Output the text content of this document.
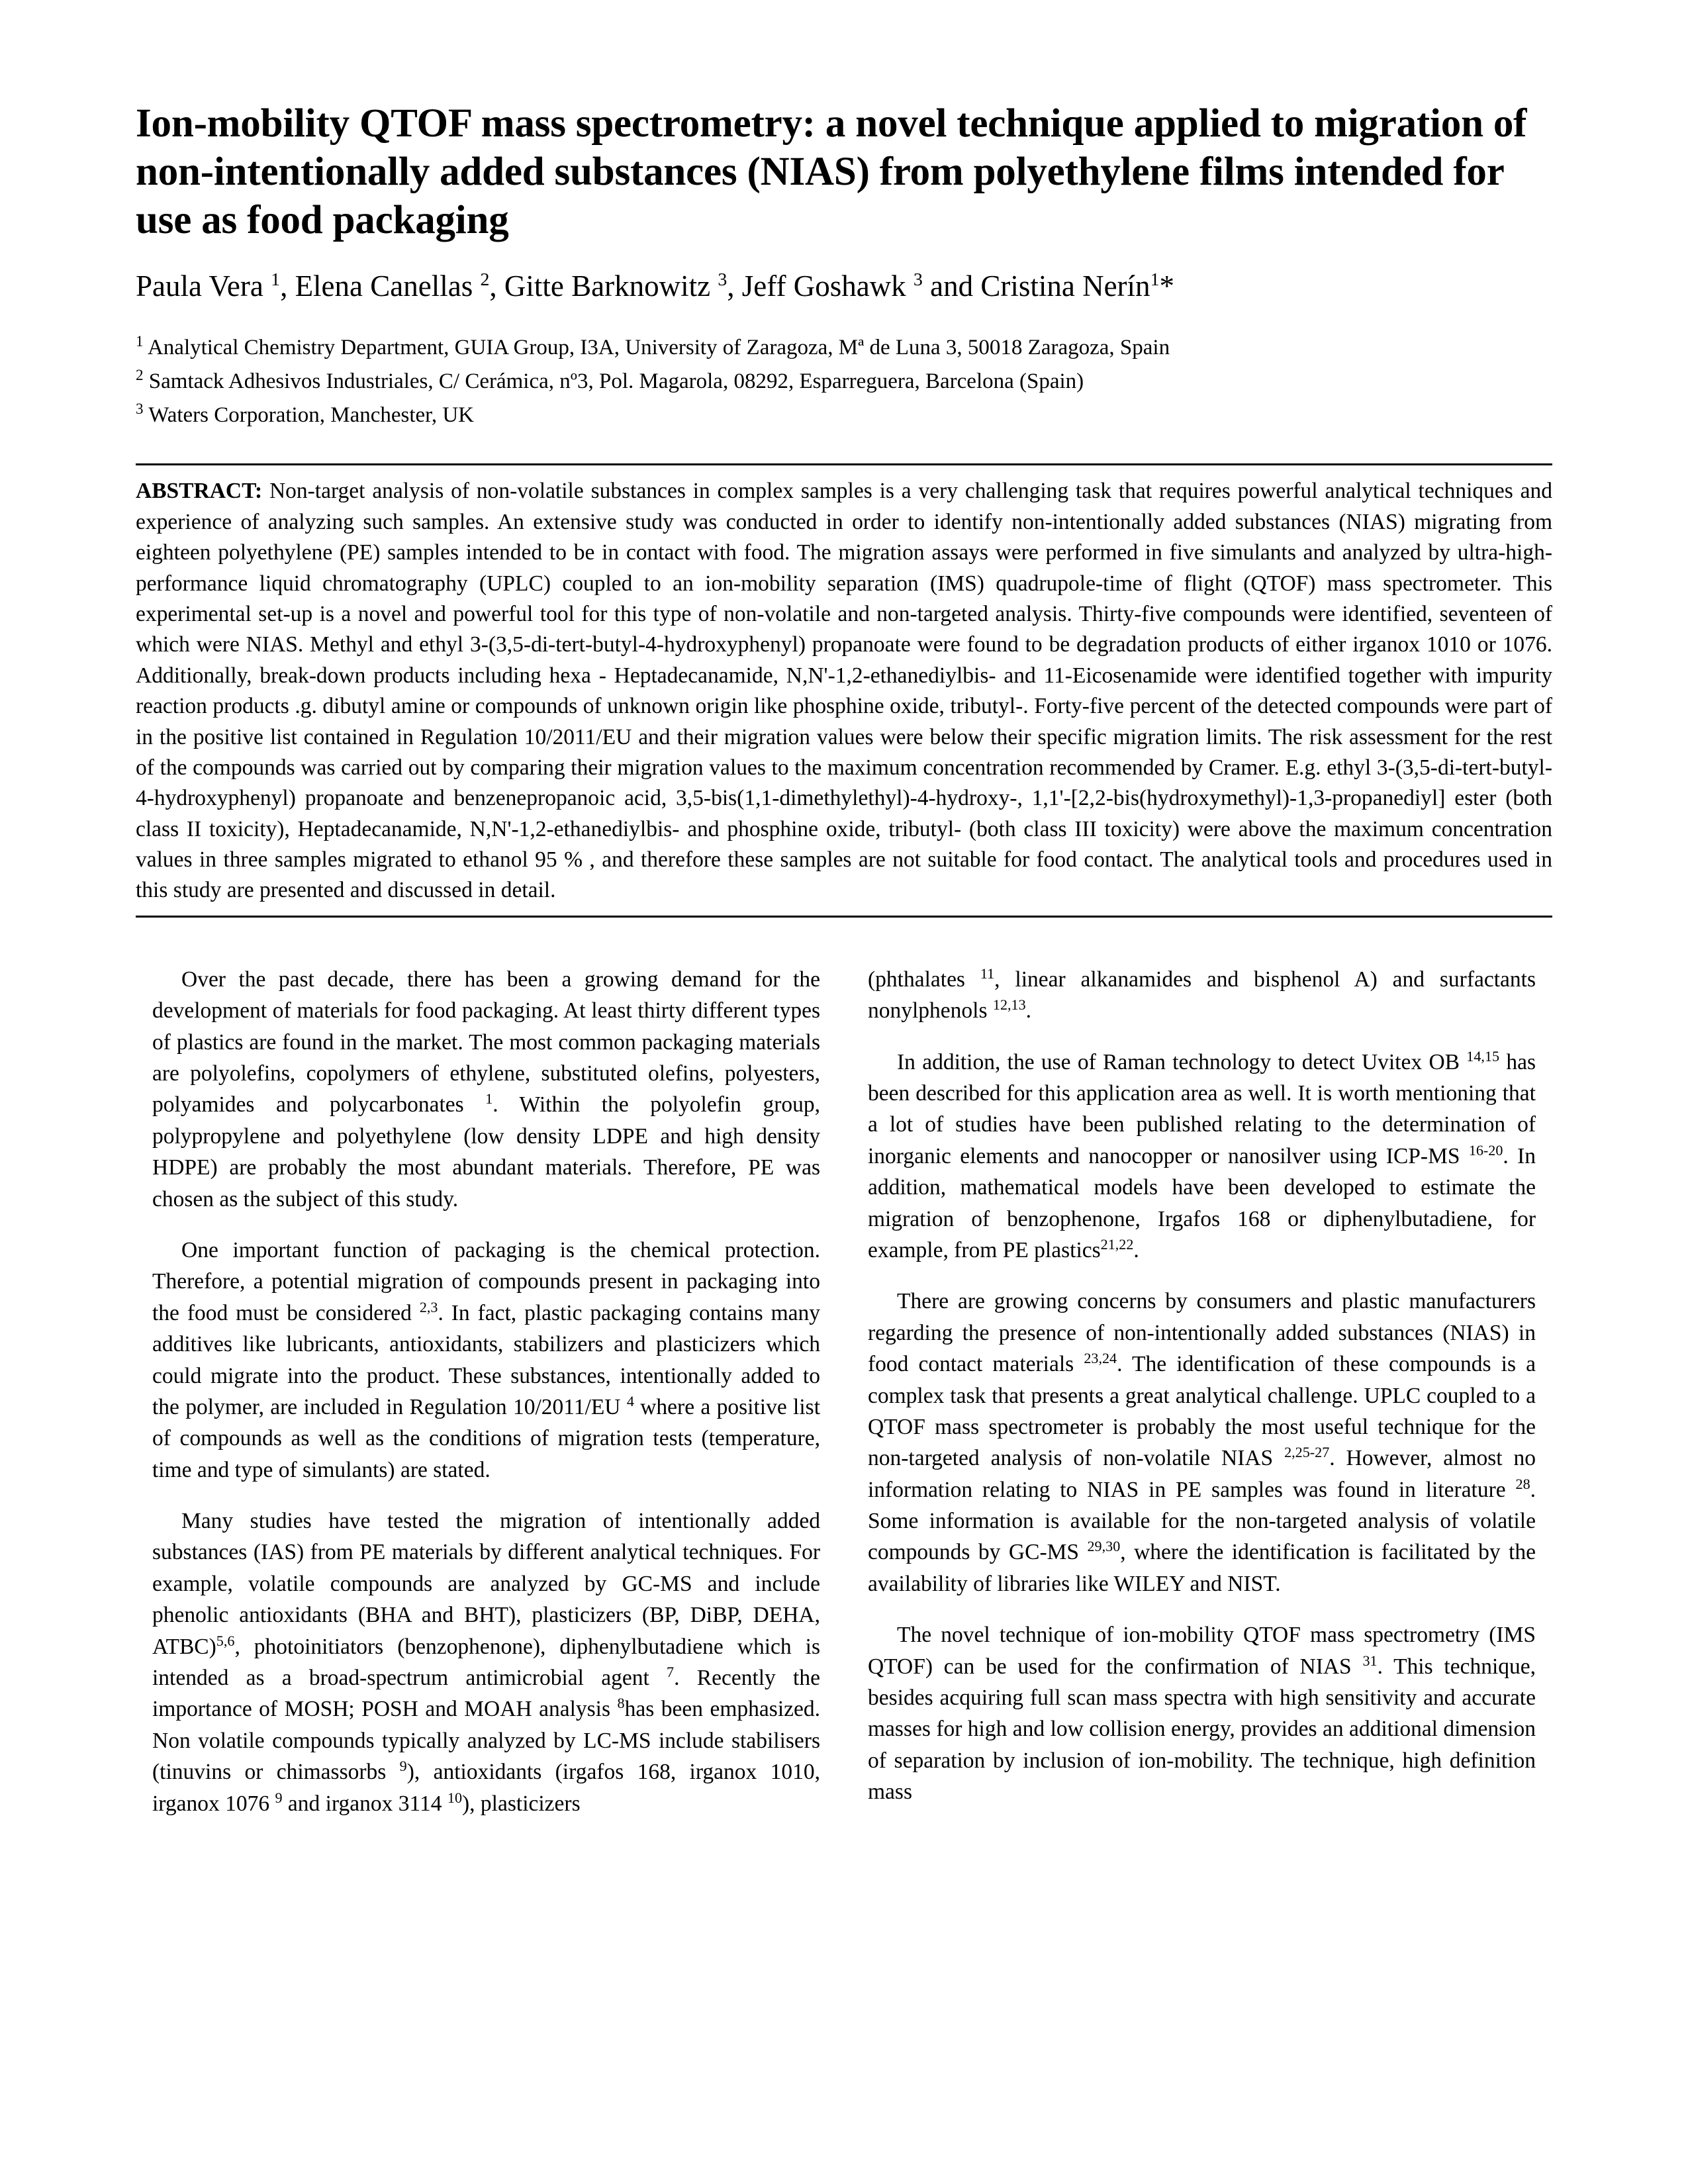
Ion-mobility QTOF mass spectrometry: a novel technique applied to migration of non-intentionally added substances (NIAS) from polyethylene films intended for use as food packaging
Paula Vera $^1$, Elena Canellas $^2$, Gitte Barknowitz $^3$, Jeff Goshawk $^3$ and Cristina Nerín$^1$*
$^1$ Analytical Chemistry Department, GUIA Group, I3A, University of Zaragoza, Mª de Luna 3, 50018 Zaragoza, Spain
$^2$ Samtack Adhesivos Industriales, C/ Cerámica, nº3, Pol. Magarola, 08292, Esparreguera, Barcelona (Spain)
$^3$ Waters Corporation, Manchester, UK

ABSTRACT: Non-target analysis of non-volatile substances in complex samples is a very challenging task that requires powerful analytical techniques and experience of analyzing such samples. An extensive study was conducted in order to identify non-intentionally added substances (NIAS) migrating from eighteen polyethylene (PE) samples intended to be in contact with food. The migration assays were performed in five simulants and analyzed by ultra-high-performance liquid chromatography (UPLC) coupled to an ion-mobility separation (IMS) quadrupole-time of flight (QTOF) mass spectrometer. This experimental set-up is a novel and powerful tool for this type of non-volatile and non-targeted analysis. Thirty-five compounds were identified, seventeen of which were NIAS. Methyl and ethyl 3-(3,5-di-tert-butyl-4-hydroxyphenyl) propanoate were found to be degradation products of either irganox 1010 or 1076. Additionally, break-down products including hexa - Heptadecanamide, N,N'-1,2-ethanediylbis- and 11-Eicosenamide were identified together with impurity reaction products .g. dibutyl amine or compounds of unknown origin like phosphine oxide, tributyl-. Forty-five percent of the detected compounds were part of in the positive list contained in Regulation 10/2011/EU and their migration values were below their specific migration limits. The risk assessment for the rest of the compounds was carried out by comparing their migration values to the maximum concentration recommended by Cramer. E.g. ethyl 3-(3,5-di-tert-butyl-4-hydroxyphenyl) propanoate and benzenepropanoic acid, 3,5-bis(1,1-dimethylethyl)-4-hydroxy-, 1,1'-[2,2-bis(hydroxymethyl)-1,3-propanediyl] ester (both class II toxicity), Heptadecanamide, N,N'-1,2-ethanediylbis- and phosphine oxide, tributyl- (both class III toxicity) were above the maximum concentration values in three samples migrated to ethanol 95 % , and therefore these samples are not suitable for food contact. The analytical tools and procedures used in this study are presented and discussed in detail.

Over the past decade, there has been a growing demand for the development of materials for food packaging. At least thirty different types of plastics are found in the market. The most common packaging materials are polyolefins, copolymers of ethylene, substituted olefins, polyesters, polyamides and polycarbonates $^1$. Within the polyolefin group, polypropylene and polyethylene (low density LDPE and high density HDPE) are probably the most abundant materials. Therefore, PE was chosen as the subject of this study.

One important function of packaging is the chemical protection. Therefore, a potential migration of compounds present in packaging into the food must be considered $^{2,3}$. In fact, plastic packaging contains many additives like lubricants, antioxidants, stabilizers and plasticizers which could migrate into the product. These substances, intentionally added to the polymer, are included in Regulation 10/2011/EU $^4$ where a positive list of compounds as well as the conditions of migration tests (temperature, time and type of simulants) are stated.

Many studies have tested the migration of intentionally added substances (IAS) from PE materials by different analytical techniques. For example, volatile compounds are analyzed by GC-MS and include phenolic antioxidants (BHA and BHT), plasticizers (BP, DiBP, DEHA, ATBC)$^{5,6}$, photoinitiators (benzophenone), diphenylbutadiene which is intended as a broad-spectrum antimicrobial agent $^7$. Recently the importance of MOSH; POSH and MOAH analysis $^8$has been emphasized. Non volatile compounds typically analyzed by LC-MS include stabilisers (tinuvins or chimassorbs $^9$), antioxidants (irgafos 168, irganox 1010, irganox 1076 $^9$ and irganox 3114 $^{10}$), plasticizers

(phthalates $^{11}$, linear alkanamides and bisphenol A) and surfactants nonylphenols $^{12,13}$.

In addition, the use of Raman technology to detect Uvitex OB $^{14,15}$ has been described for this application area as well. It is worth mentioning that a lot of studies have been published relating to the determination of inorganic elements and nanocopper or nanosilver using ICP-MS $^{16-20}$. In addition, mathematical models have been developed to estimate the migration of benzophenone, Irgafos 168 or diphenylbutadiene, for example, from PE plastics$^{21,22}$.

There are growing concerns by consumers and plastic manufacturers regarding the presence of non-intentionally added substances (NIAS) in food contact materials $^{23,24}$. The identification of these compounds is a complex task that presents a great analytical challenge. UPLC coupled to a QTOF mass spectrometer is probably the most useful technique for the non-targeted analysis of non-volatile NIAS $^{2,25-27}$. However, almost no information relating to NIAS in PE samples was found in literature $^{28}$. Some information is available for the non-targeted analysis of volatile compounds by GC-MS $^{29,30}$, where the identification is facilitated by the availability of libraries like WILEY and NIST.

The novel technique of ion-mobility QTOF mass spectrometry (IMS QTOF) can be used for the confirmation of NIAS $^{31}$. This technique, besides acquiring full scan mass spectra with high sensitivity and accurate masses for high and low collision energy, provides an additional dimension of separation by inclusion of ion-mobility. The technique, high definition mass
